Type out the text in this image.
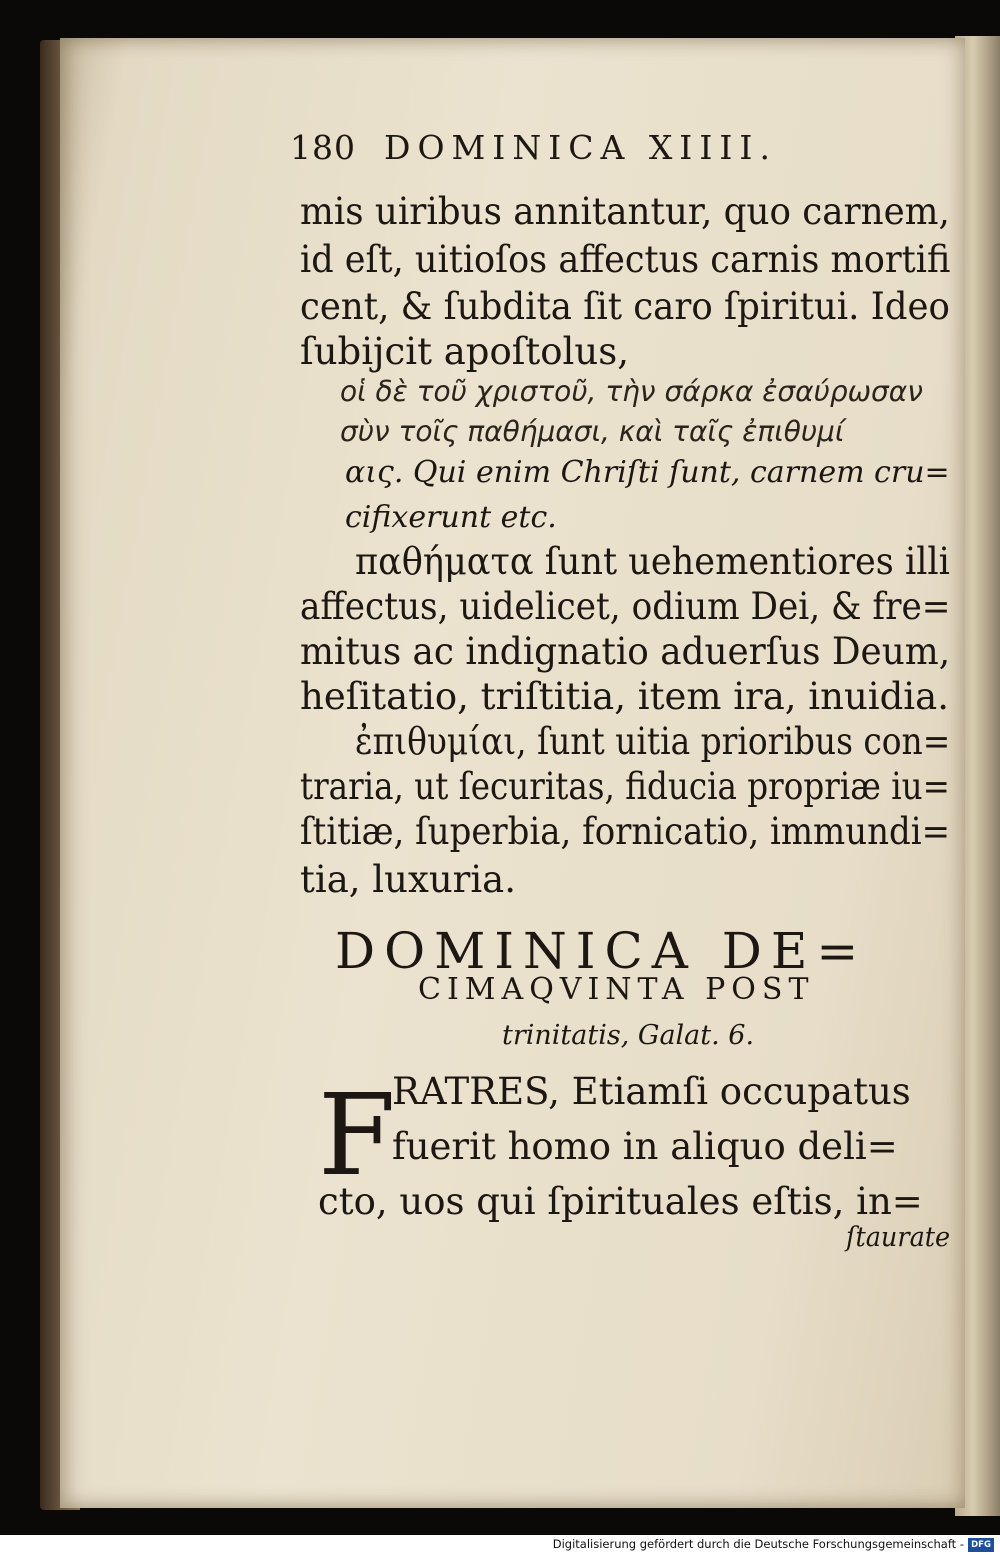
180 DOMINICA XIIII.
mis uiribus annitantur, quo carnem,
id eſt, uitioſos affectus carnis mortifi
cent, & ſubdita ſit caro ſpiritui. Ideo
ſubijcit apoſtolus,
οἱ δὲ τοῦ χριστοῦ, τὴν σάρκα ἐσαύρωσαν
σὺν τοῖς παθήμασι, καὶ ταῖς ἐπιθυμί
αις. Qui enim Chriſti ſunt, carnem cru=
cifixerunt etc.
παθήματα ſunt uehementiores illi
affectus, uidelicet, odium Dei, & fre=
mitus ac indignatio aduerſus Deum,
heſitatio, triſtitia, item ira, inuidia.
ἐπιθυμίαι, ſunt uitia prioribus con=
traria, ut ſecuritas, fiducia propriæ iu=
ſtitiæ, ſuperbia, fornicatio, immundi=
tia, luxuria.
DOMINICA DE=
CIMAQVINTA POST
trinitatis, Galat. 6.
F
RATRES, Etiamſi occupatus
fuerit homo in aliquo deli=
cto, uos qui ſpirituales eſtis, in=
ſtaurate
Digitalisierung gefördert durch die Deutsche Forschungsgemeinschaft - DFG
